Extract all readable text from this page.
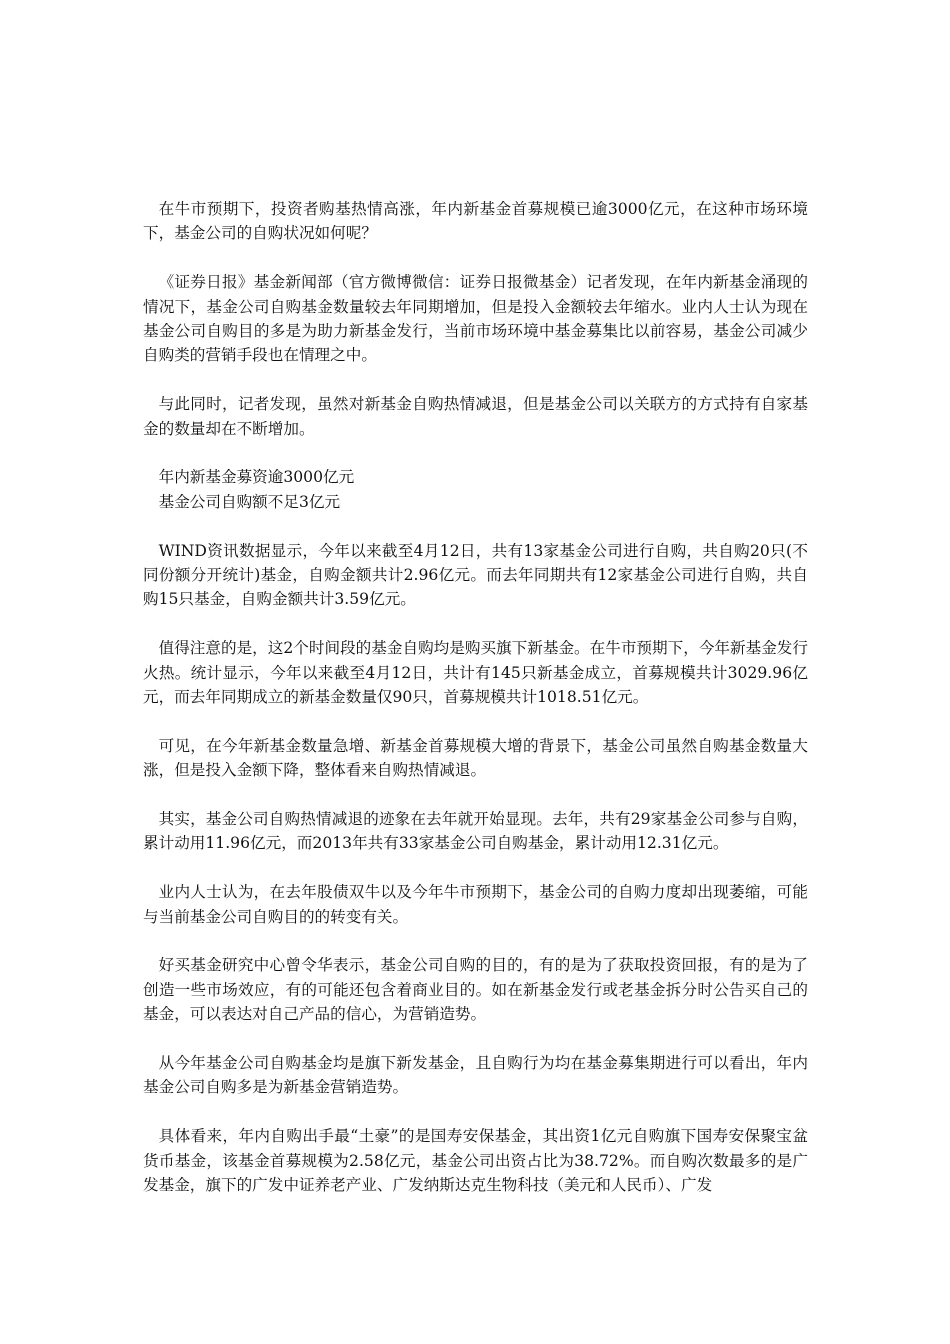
在牛市预期下，投资者购基热情高涨，年内新基金首募规模已逾3000亿元，在这种市场环境下，基金公司的自购状况如何呢？

《证券日报》基金新闻部（官方微博微信：证券日报微基金）记者发现，在年内新基金涌现的情况下，基金公司自购基金数量较去年同期增加，但是投入金额较去年缩水。业内人士认为现在基金公司自购目的多是为助力新基金发行，当前市场环境中基金募集比以前容易，基金公司减少自购类的营销手段也在情理之中。

与此同时，记者发现，虽然对新基金自购热情减退，但是基金公司以关联方的方式持有自家基金的数量却在不断增加。

年内新基金募资逾3000亿元

基金公司自购额不足3亿元

WIND资讯数据显示，今年以来截至4月12日，共有13家基金公司进行自购，共自购20只(不同份额分开统计)基金，自购金额共计2.96亿元。而去年同期共有12家基金公司进行自购，共自购15只基金，自购金额共计3.59亿元。

值得注意的是，这2个时间段的基金自购均是购买旗下新基金。在牛市预期下，今年新基金发行火热。统计显示，今年以来截至4月12日，共计有145只新基金成立，首募规模共计3029.96亿元，而去年同期成立的新基金数量仅90只，首募规模共计1018.51亿元。

可见，在今年新基金数量急增、新基金首募规模大增的背景下，基金公司虽然自购基金数量大涨，但是投入金额下降，整体看来自购热情减退。

其实，基金公司自购热情减退的迹象在去年就开始显现。去年，共有29家基金公司参与自购，累计动用11.96亿元，而2013年共有33家基金公司自购基金，累计动用12.31亿元。

业内人士认为，在去年股债双牛以及今年牛市预期下，基金公司的自购力度却出现萎缩，可能与当前基金公司自购目的的转变有关。

好买基金研究中心曾令华表示，基金公司自购的目的，有的是为了获取投资回报，有的是为了创造一些市场效应，有的可能还包含着商业目的。如在新基金发行或老基金拆分时公告买自己的基金，可以表达对自己产品的信心，为营销造势。

从今年基金公司自购基金均是旗下新发基金，且自购行为均在基金募集期进行可以看出，年内基金公司自购多是为新基金营销造势。

具体看来，年内自购出手最“土豪”的是国寿安保基金，其出资1亿元自购旗下国寿安保聚宝盆货币基金，该基金首募规模为2.58亿元，基金公司出资占比为38.72%。而自购次数最多的是广发基金，旗下的广发中证养老产业、广发纳斯达克生物科技（美元和人民币）、广发
